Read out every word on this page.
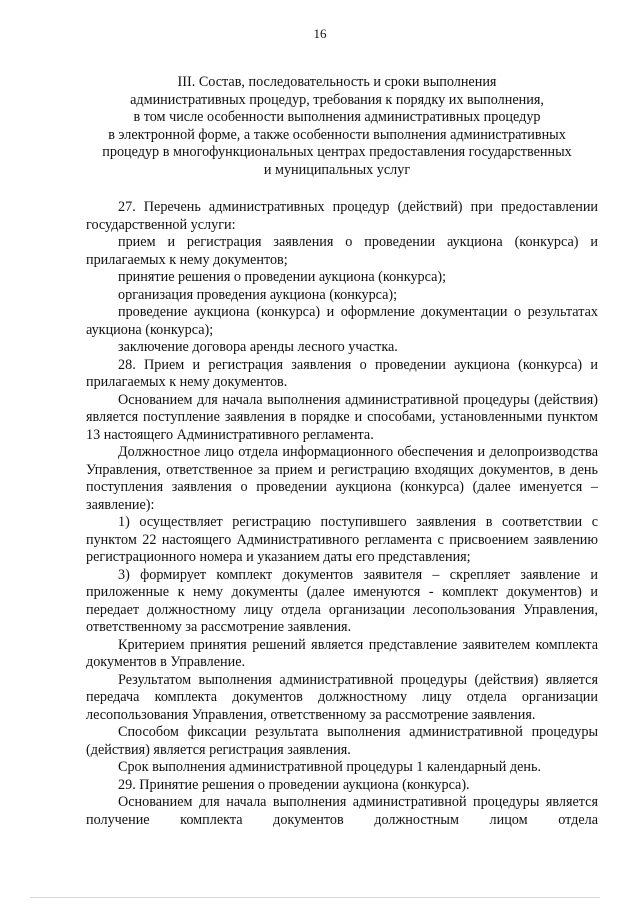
16
III. Состав, последовательность и сроки выполнения
административных процедур, требования к порядку их выполнения,
в том числе особенности выполнения административных процедур
в электронной форме, а также особенности выполнения административных
процедур в многофункциональных центрах предоставления государственных
и муниципальных услуг

27. Перечень административных процедур (действий) при предоставлении государственной услуги:

прием и регистрация заявления о проведении аукциона (конкурса) и прилагаемых к нему документов;

принятие решения о проведении аукциона (конкурса);

организация проведения аукциона (конкурса);

проведение аукциона (конкурса) и оформление документации о результатах аукциона (конкурса);

заключение договора аренды лесного участка.

28. Прием и регистрация заявления о проведении аукциона (конкурса) и прилагаемых к нему документов.

Основанием для начала выполнения административной процедуры (действия) является поступление заявления в порядке и способами, установленными пунктом 13 настоящего Административного регламента.

Должностное лицо отдела информационного обеспечения и делопроизводства Управления, ответственное за прием и регистрацию входящих документов, в день поступления заявления о проведении аукциона (конкурса) (далее именуется – заявление):

1) осуществляет регистрацию поступившего заявления в соответствии с пунктом 22 настоящего Административного регламента с присвоением заявлению регистрационного номера и указанием даты его представления;

3) формирует комплект документов заявителя – скрепляет заявление и приложенные к нему документы (далее именуются - комплект документов) и передает должностному лицу отдела организации лесопользования Управления, ответственному за рассмотрение заявления.

Критерием принятия решений является представление заявителем комплекта документов в Управление.

Результатом выполнения административной процедуры (действия) является передача комплекта документов должностному лицу отдела организации лесопользования Управления, ответственному за рассмотрение заявления.

Способом фиксации результата выполнения административной процедуры (действия) является регистрация заявления.

Срок выполнения административной процедуры 1 календарный день.

29. Принятие решения о проведении аукциона (конкурса).

Основанием для начала выполнения административной процедуры является получение комплекта документов должностным лицом отдела
